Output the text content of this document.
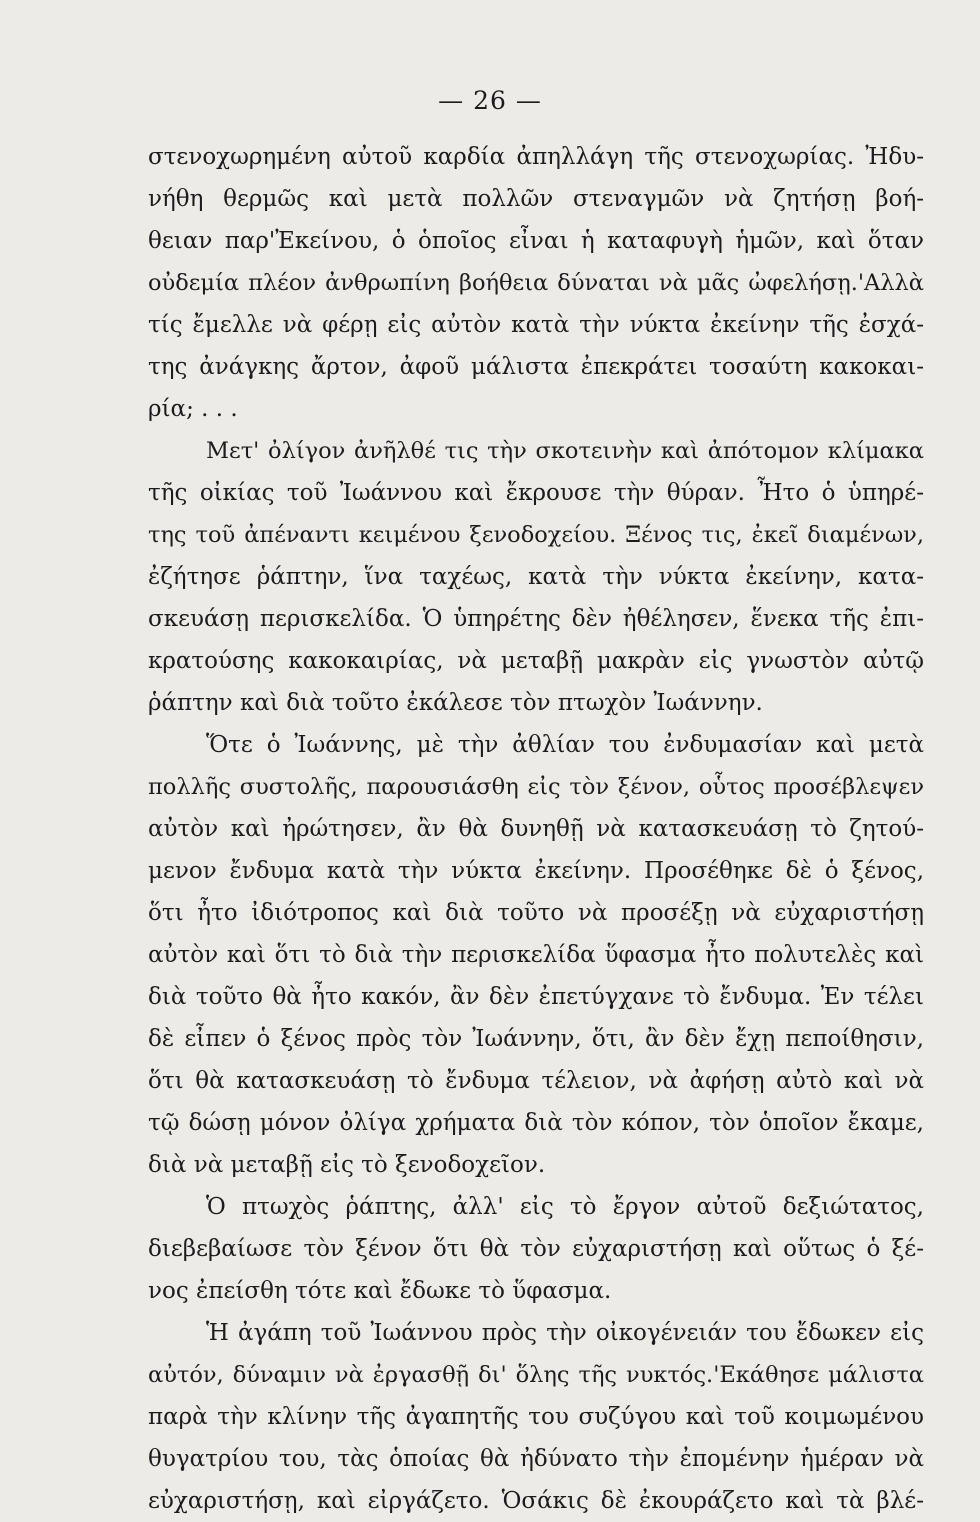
— 26 —
στενοχωρημένη αὐτοῦ καρδία ἀπηλλάγη τῆς στενοχωρίας. Ἠδυ-
νήθη θερμῶς καὶ μετὰ πολλῶν στεναγμῶν νὰ ζητήσῃ βοή-
θειαν παρ'Ἐκείνου, ὁ ὁποῖος εἶναι ἡ καταφυγὴ ἡμῶν, καὶ ὅταν
οὐδεμία πλέον ἀνθρωπίνη βοήθεια δύναται νὰ μᾶς ὠφελήσῃ.'Αλλὰ
τίς ἔμελλε νὰ φέρῃ εἰς αὐτὸν κατὰ τὴν νύκτα ἐκείνην τῆς ἐσχά-
της ἀνάγκης ἄρτον, ἀφοῦ μάλιστα ἐπεκράτει τοσαύτη κακοκαι-
ρία; . . .
Μετ' ὀλίγον ἀνῆλθέ τις τὴν σκοτεινὴν καὶ ἀπότομον κλίμακα
τῆς οἰκίας τοῦ Ἰωάννου καὶ ἔκρουσε τὴν θύραν. Ἦτο ὁ ὑπηρέ-
της τοῦ ἀπέναντι κειμένου ξενοδοχείου. Ξένος τις, ἐκεῖ διαμένων,
ἐζήτησε ῥάπτην, ἵνα ταχέως, κατὰ τὴν νύκτα ἐκείνην, κατα-
σκευάσῃ περισκελίδα. Ὁ ὑπηρέτης δὲν ἠθέλησεν, ἕνεκα τῆς ἐπι-
κρατούσης κακοκαιρίας, νὰ μεταβῇ μακρὰν εἰς γνωστὸν αὐτῷ
ῥάπτην καὶ διὰ τοῦτο ἐκάλεσε τὸν πτωχὸν Ἰωάννην.
Ὅτε ὁ Ἰωάννης, μὲ τὴν ἀθλίαν του ἐνδυμασίαν καὶ μετὰ
πολλῆς συστολῆς, παρουσιάσθη εἰς τὸν ξένον, οὗτος προσέβλεψεν
αὐτὸν καὶ ἠρώτησεν, ἂν θὰ δυνηθῇ νὰ κατασκευάσῃ τὸ ζητού-
μενον ἔνδυμα κατὰ τὴν νύκτα ἐκείνην. Προσέθηκε δὲ ὁ ξένος,
ὅτι ἦτο ἰδιότροπος καὶ διὰ τοῦτο νὰ προσέξῃ νὰ εὐχαριστήσῃ
αὐτὸν καὶ ὅτι τὸ διὰ τὴν περισκελίδα ὕφασμα ἦτο πολυτελὲς καὶ
διὰ τοῦτο θὰ ἦτο κακόν, ἂν δὲν ἐπετύγχανε τὸ ἔνδυμα. Ἐν τέλει
δὲ εἶπεν ὁ ξένος πρὸς τὸν Ἰωάννην, ὅτι, ἂν δὲν ἔχῃ πεποίθησιν,
ὅτι θὰ κατασκευάσῃ τὸ ἔνδυμα τέλειον, νὰ ἀφήσῃ αὐτὸ καὶ νὰ
τῷ δώσῃ μόνον ὀλίγα χρήματα διὰ τὸν κόπον, τὸν ὁποῖον ἔκαμε,
διὰ νὰ μεταβῇ εἰς τὸ ξενοδοχεῖον.
Ὁ πτωχὸς ῥάπτης, ἀλλ' εἰς τὸ ἔργον αὐτοῦ δεξιώτατος,
διεβεβαίωσε τὸν ξένον ὅτι θὰ τὸν εὐχαριστήσῃ καὶ οὕτως ὁ ξέ-
νος ἐπείσθη τότε καὶ ἔδωκε τὸ ὕφασμα.
Ἡ ἀγάπη τοῦ Ἰωάννου πρὸς τὴν οἰκογένειάν του ἔδωκεν εἰς
αὐτόν, δύναμιν νὰ ἐργασθῇ δι' ὅλης τῆς νυκτός.'Εκάθησε μάλιστα
παρὰ τὴν κλίνην τῆς ἀγαπητῆς του συζύγου καὶ τοῦ κοιμωμένου
θυγατρίου του, τὰς ὁποίας θὰ ἠδύνατο τὴν ἐπομένην ἡμέραν νὰ
εὐχαριστήσῃ, καὶ εἰργάζετο. Ὁσάκις δὲ ἐκουράζετο καὶ τὰ βλέ-
